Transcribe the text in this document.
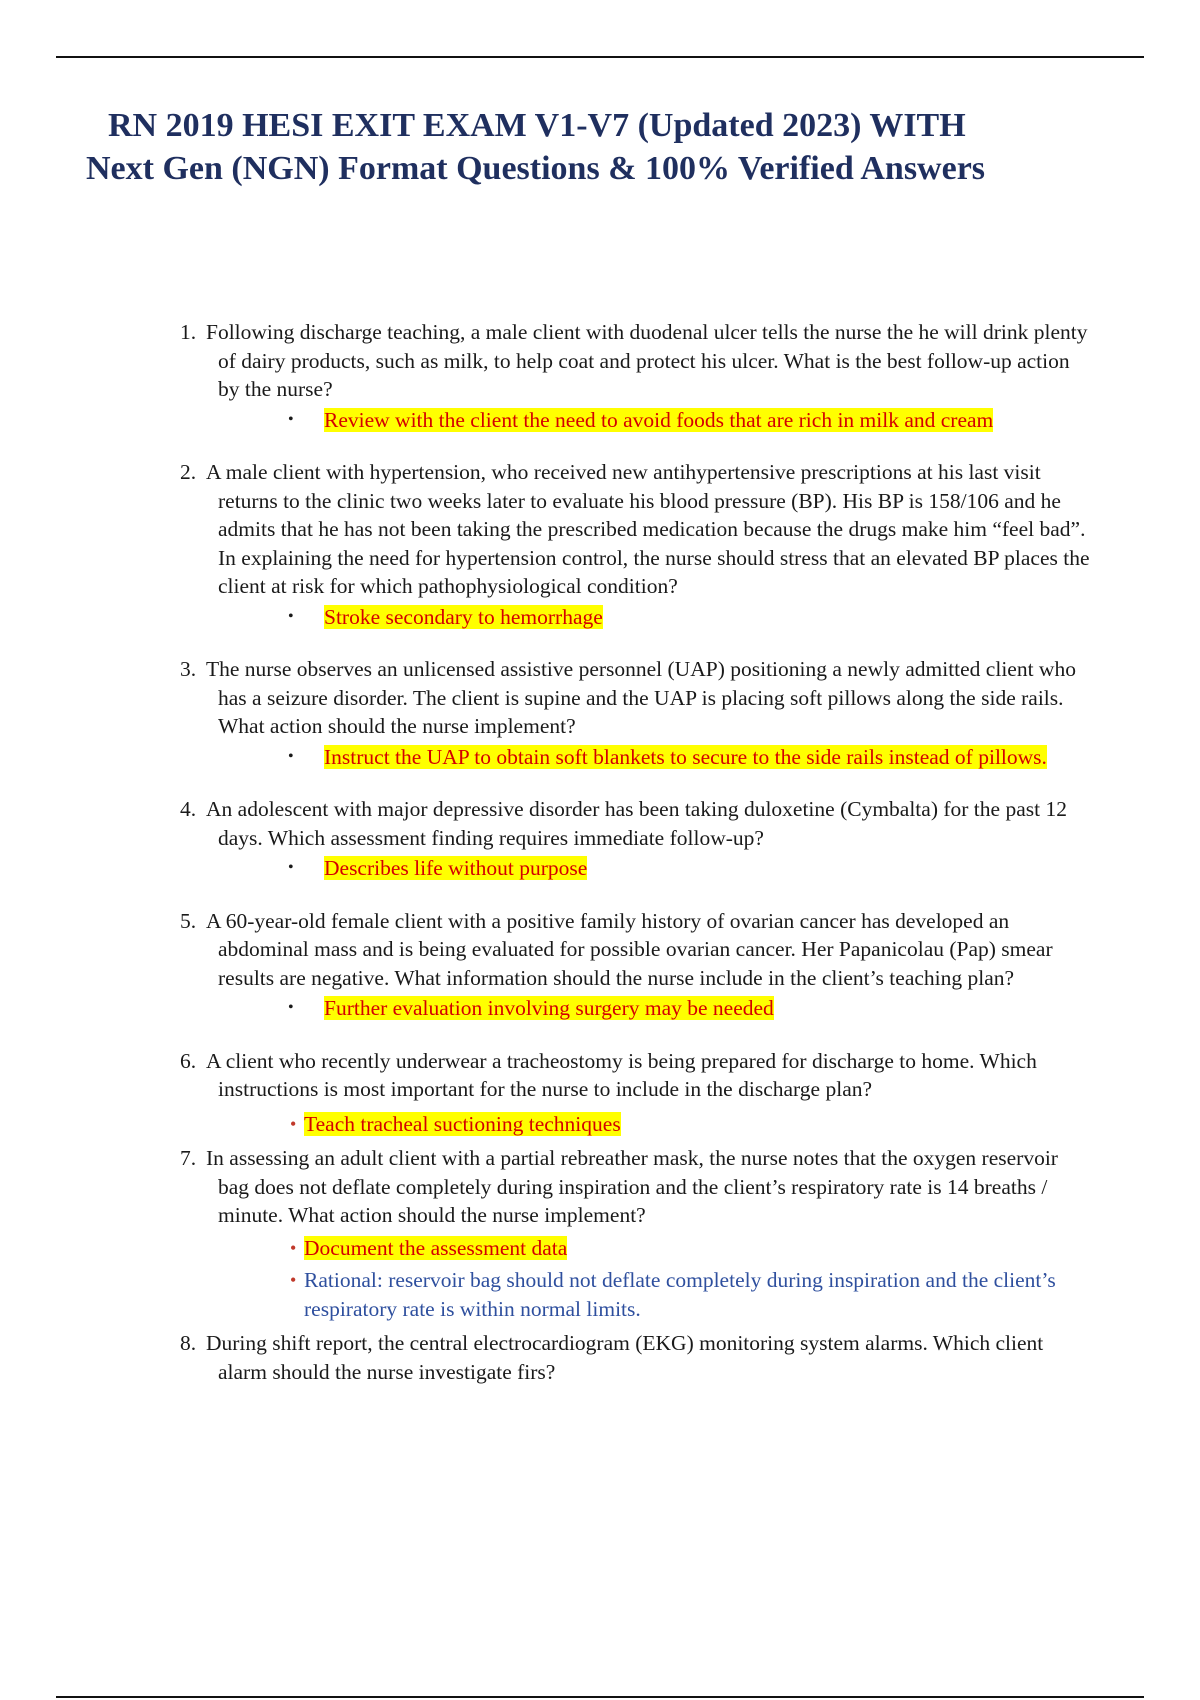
RN 2019 HESI EXIT EXAM V1-V7 (Updated 2023) WITH
Next Gen (NGN) Format Questions & 100% Verified Answers
1. Following discharge teaching, a male client with duodenal ulcer tells the nurse the he will drink plenty of dairy products, such as milk, to help coat and protect his ulcer. What is the best follow-up action by the nurse?
• Review with the client the need to avoid foods that are rich in milk and cream
2. A male client with hypertension, who received new antihypertensive prescriptions at his last visit returns to the clinic two weeks later to evaluate his blood pressure (BP). His BP is 158/106 and he admits that he has not been taking the prescribed medication because the drugs make him “feel bad”. In explaining the need for hypertension control, the nurse should stress that an elevated BP places the client at risk for which pathophysiological condition?
• Stroke secondary to hemorrhage
3. The nurse observes an unlicensed assistive personnel (UAP) positioning a newly admitted client who has a seizure disorder. The client is supine and the UAP is placing soft pillows along the side rails. What action should the nurse implement?
• Instruct the UAP to obtain soft blankets to secure to the side rails instead of pillows.
4. An adolescent with major depressive disorder has been taking duloxetine (Cymbalta) for the past 12 days. Which assessment finding requires immediate follow-up?
• Describes life without purpose
5. A 60-year-old female client with a positive family history of ovarian cancer has developed an abdominal mass and is being evaluated for possible ovarian cancer. Her Papanicolau (Pap) smear results are negative. What information should the nurse include in the client’s teaching plan?
• Further evaluation involving surgery may be needed
6. A client who recently underwear a tracheostomy is being prepared for discharge to home. Which instructions is most important for the nurse to include in the discharge plan?
• Teach tracheal suctioning techniques
7. In assessing an adult client with a partial rebreather mask, the nurse notes that the oxygen reservoir bag does not deflate completely during inspiration and the client’s respiratory rate is 14 breaths / minute. What action should the nurse implement?
• Document the assessment data
• Rational: reservoir bag should not deflate completely during inspiration and the client’s respiratory rate is within normal limits.
8. During shift report, the central electrocardiogram (EKG) monitoring system alarms. Which client alarm should the nurse investigate firs?
